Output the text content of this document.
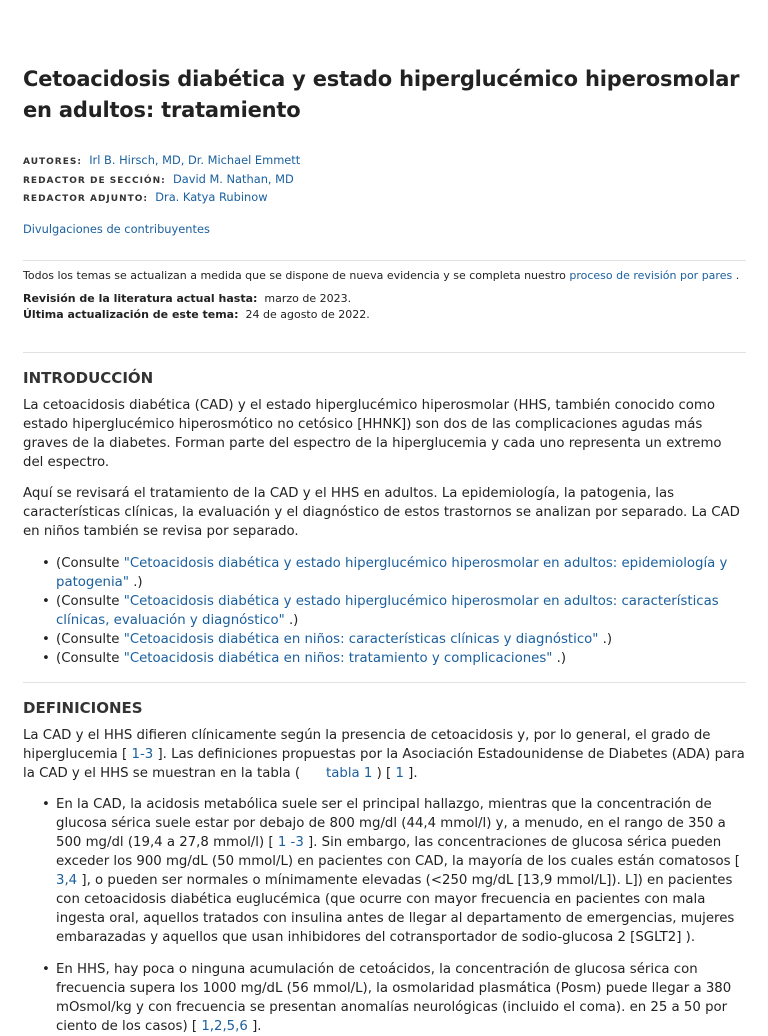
Cetoacidosis diabética y estado hiperglucémico hiperosmolar en adultos: tratamiento
AUTORES: Irl B. Hirsch, MD, Dr. Michael Emmett
REDACTOR DE SECCIÓN: David M. Nathan, MD
REDACTOR ADJUNTO: Dra. Katya Rubinow
Divulgaciones de contribuyentes
Todos los temas se actualizan a medida que se dispone de nueva evidencia y se completa nuestro proceso de revisión por pares .
Revisión de la literatura actual hasta: marzo de 2023.
Última actualización de este tema: 24 de agosto de 2022.
INTRODUCCIÓN

La cetoacidosis diabética (CAD) y el estado hiperglucémico hiperosmolar (HHS, también conocido como estado hiperglucémico hiperosmótico no cetósico [HHNK]) son dos de las complicaciones agudas más graves de la diabetes. Forman parte del espectro de la hiperglucemia y cada uno representa un extremo del espectro.

Aquí se revisará el tratamiento de la CAD y el HHS en adultos. La epidemiología, la patogenia, las características clínicas, la evaluación y el diagnóstico de estos trastornos se analizan por separado. La CAD en niños también se revisa por separado.

• (Consulte "Cetoacidosis diabética y estado hiperglucémico hiperosmolar en adultos: epidemiología y patogenia" .)
• (Consulte "Cetoacidosis diabética y estado hiperglucémico hiperosmolar en adultos: características clínicas, evaluación y diagnóstico" .)
• (Consulte "Cetoacidosis diabética en niños: características clínicas y diagnóstico" .)
• (Consulte "Cetoacidosis diabética en niños: tratamiento y complicaciones" .)
DEFINICIONES

La CAD y el HHS difieren clínicamente según la presencia de cetoacidosis y, por lo general, el grado de hiperglucemia [ 1-3 ]. Las definiciones propuestas por la Asociación Estadounidense de Diabetes (ADA) para la CAD y el HHS se muestran en la tabla ( tabla 1 ) [ 1 ].

• En la CAD, la acidosis metabólica suele ser el principal hallazgo, mientras que la concentración de glucosa sérica suele estar por debajo de 800 mg/dl (44,4 mmol/l) y, a menudo, en el rango de 350 a 500 mg/dl (19,4 a 27,8 mmol/l) [ 1 -3 ]. Sin embargo, las concentraciones de glucosa sérica pueden exceder los 900 mg/dL (50 mmol/L) en pacientes con CAD, la mayoría de los cuales están comatosos [ 3,4 ], o pueden ser normales o mínimamente elevadas (<250 mg/dL [13,9 mmol/L]). L]) en pacientes con cetoacidosis diabética euglucémica (que ocurre con mayor frecuencia en pacientes con mala ingesta oral, aquellos tratados con insulina antes de llegar al departamento de emergencias, mujeres embarazadas y aquellos que usan inhibidores del cotransportador de sodio-glucosa 2 [SGLT2] ).
• En HHS, hay poca o ninguna acumulación de cetoácidos, la concentración de glucosa sérica con frecuencia supera los 1000 mg/dL (56 mmol/L), la osmolaridad plasmática (Posm) puede llegar a 380 mOsmol/kg y con frecuencia se presentan anomalías neurológicas (incluido el coma). en 25 a 50 por ciento de los casos) [ 1,2,5,6 ].
